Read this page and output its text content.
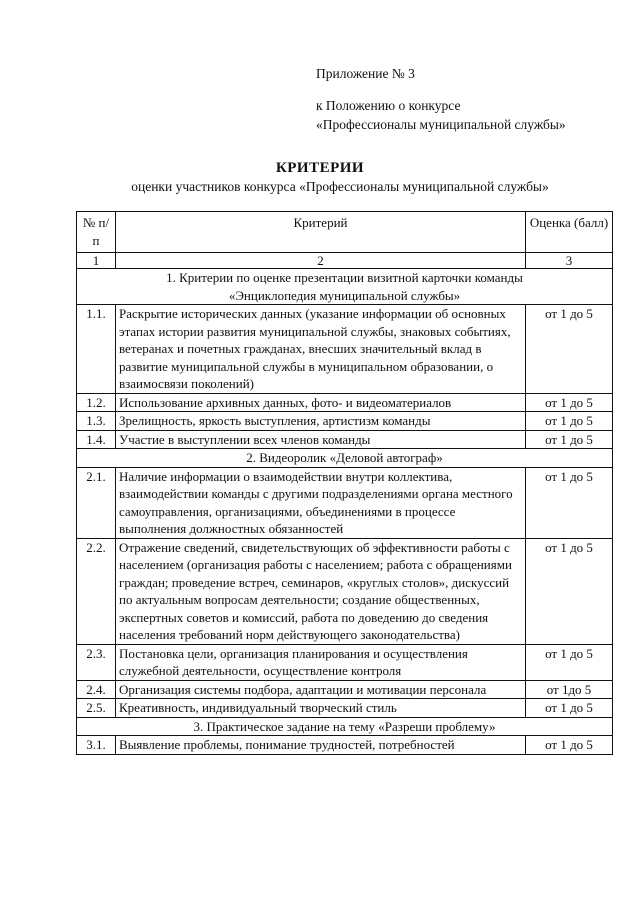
Приложение № 3
к Положению о конкурсе
«Профессионалы муниципальной службы»
КРИТЕРИИ
оценки участников конкурса «Профессионалы муниципальной службы»
№ п/п	Критерий	Оценка (балл)
1	2	3
1. Критерии по оценке презентации визитной карточки команды «Энциклопедия муниципальной службы»		
1.1.	Раскрытие исторических данных (указание информации об основных этапах истории развития муниципальной службы, знаковых событиях, ветеранах и почетных гражданах, внесших значительный вклад в развитие муниципальной службы в муниципальном образовании, о взаимосвязи поколений)	от 1 до 5
1.2.	Использование архивных данных, фото- и видеоматериалов	от 1 до 5
1.3.	Зрелищность, яркость выступления, артистизм команды	от 1 до 5
1.4.	Участие в выступлении всех членов команды	от 1 до 5
2. Видеоролик «Деловой автограф»		
2.1.	Наличие информации о взаимодействии внутри коллектива, взаимодействии команды с другими подразделениями органа местного самоуправления, организациями, объединениями в процессе выполнения должностных обязанностей	от 1 до 5
2.2.	Отражение сведений, свидетельствующих об эффективности работы с населением (организация работы с населением; работа с обращениями граждан; проведение встреч, семинаров, «круглых столов», дискуссий по актуальным вопросам деятельности; создание общественных, экспертных советов и комиссий, работа по доведению до сведения населения требований норм действующего законодательства)	от 1 до 5
2.3.	Постановка цели, организация планирования и осуществления служебной деятельности, осуществление контроля	от 1 до 5
2.4.	Организация системы подбора, адаптации и мотивации персонала	от 1до 5
2.5.	Креативность, индивидуальный творческий стиль	от 1 до 5
3. Практическое задание на тему «Разреши проблему»		
3.1.	Выявление проблемы, понимание трудностей, потребностей	от 1 до 5
